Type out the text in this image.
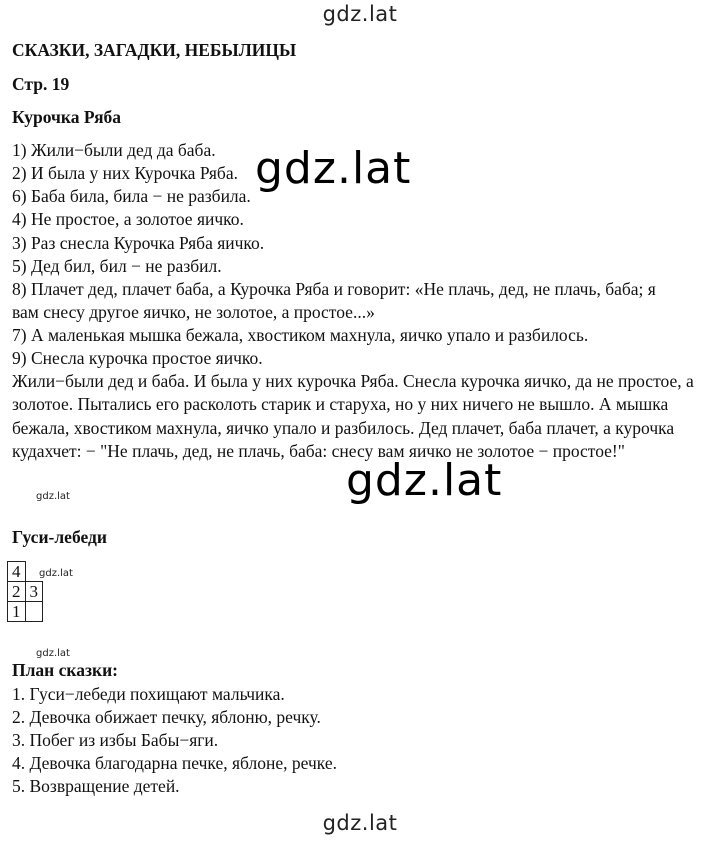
gdz.lat
СКАЗКИ, ЗАГАДКИ, НЕБЫЛИЦЫ
Стр. 19
Курочка Ряба
1) Жили−были дед да баба.
2) И была у них Курочка Ряба.
6) Баба била, била − не разбила.
4) Не простое, а золотое яичко.
3) Раз снесла Курочка Ряба яичко.
5) Дед бил, бил − не разбил.
8) Плачет дед, плачет баба, а Курочка Ряба и говорит: «Не плачь, дед, не плачь, баба; я
вам снесу другое яичко, не золотое, а простое...»
7) А маленькая мышка бежала, хвостиком махнула, яичко упало и разбилось.
9) Снесла курочка простое яичко.
Жили−были дед и баба. И была у них курочка Ряба. Снесла курочка яичко, да не простое, а золотое. Пытались его расколоть старик и старуха, но у них ничего не вышло. А мышка бежала, хвостиком махнула, яичко упало и разбилось. Дед плачет, баба плачет, а курочка кудахчет: − "Не плачь, дед, не плачь, баба: снесу вам яичко не золотое − простое!"
gdz.lat
gdz.lat
gdz.lat
Гуси-лебеди
4	
2	3
1	
gdz.lat
gdz.lat
План сказки:
1. Гуси−лебеди похищают мальчика.
2. Девочка обижает печку, яблоню, речку.
3. Побег из избы Бабы−яги.
4. Девочка благодарна печке, яблоне, речке.
5. Возвращение детей.
gdz.lat
